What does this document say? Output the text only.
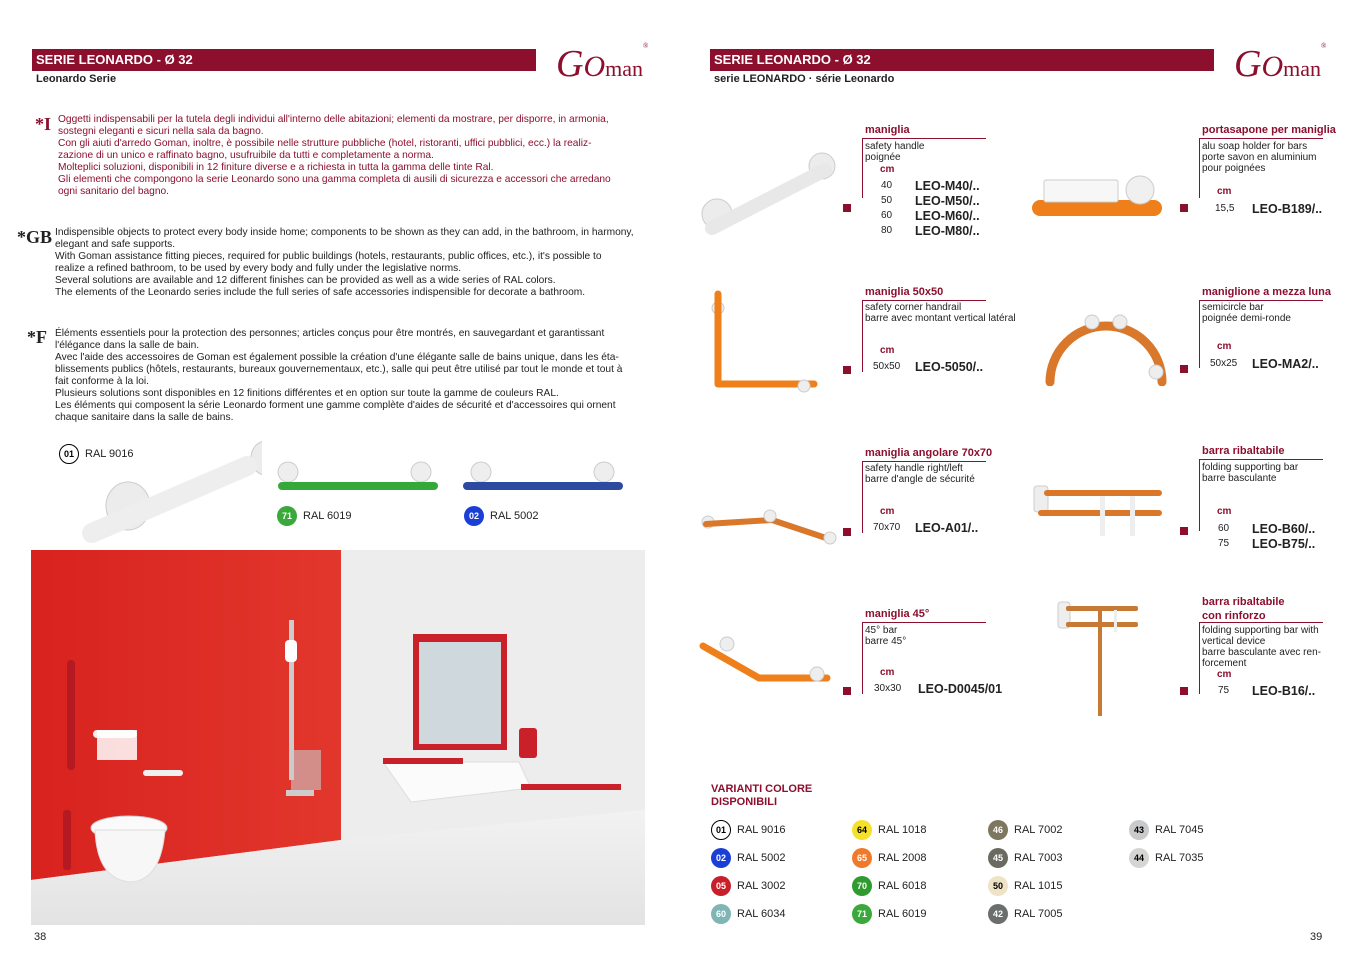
SERIE LEONARDO - Ø 32
Leonardo Serie	GOman®
*I Oggetti indispensabili per la tutela degli individui all'interno delle abitazioni; elementi da mostrare, per disporre, in armonia,

sostegni eleganti e sicuri nella sala da bagno.

Con gli aiuti d'arredo Goman, inoltre, è possibile nelle strutture pubbliche (hotel, ristoranti, uffici pubblici, ecc.) la realiz-

zazione di un unico e raffinato bagno, usufruibile da tutti e completamente a norma.

Molteplici soluzioni, disponibili in 12 finiture diverse e a richiesta in tutta la gamma delle tinte Ral.

Gli elementi che compongono la serie Leonardo sono una gamma completa di ausili di sicurezza e accessori che arredano

ogni sanitario del bagno.

*GB Indispensible objects to protect every body inside home; components to be shown as they can add, in the bathroom, in harmony,

elegant and safe supports.

With Goman assistance fitting pieces, required for public buildings (hotels, restaurants, public offices, etc.), it's possible to

realize a refined bathroom, to be used by every body and fully under the legislative norms.

Several solutions are available and 12 different finishes can be provided as well as a wide series of RAL colors.

The elements of the Leonardo series include the full series of safe accessories indispensible for decorate a bathroom.

*F Éléments essentiels pour la protection des personnes; articles conçus pour être montrés, en sauvegardant et garantissant

l'élégance dans la salle de bain.

Avec l'aide des accessoires de Goman est également possible la création d'une élégante salle de bains unique, dans les éta-

blissements publics (hôtels, restaurants, bureaux gouvernementaux, etc.), salle qui peut être utilisé par tout le monde et tout à

fait conforme à la loi.

Plusieurs solutions sont disponibles en 12 finitions différentes et en option sur toute la gamme de couleurs RAL.

Les éléments qui composent la série Leonardo forment une gamme complète d'aides de sécurité et d'accessoires qui ornent

chaque sanitaire dans la salle de bains.

01	RAL 9016
71	RAL 6019	02	RAL 5002
38
SERIE LEONARDO - Ø 32
serie LEONARDO · série Leonardo	GOman®
maniglia
safety handle
poignée
cm
40 LEO-M40/..
50 LEO-M50/..
60 LEO-M60/..
80 LEO-M80/..
portasapone per maniglia
alu soap holder for bars
porte savon en aluminium
pour poignées
cm
15,5 LEO-B189/..
maniglia 50x50
safety corner handrail
barre avec montant vertical latéral
cm
50x50 LEO-5050/..
maniglione a mezza luna
semicircle bar
poignée demi-ronde
cm
50x25 LEO-MA2/..
maniglia angolare 70x70
safety handle right/left
barre d'angle de sécurité
cm
70x70 LEO-A01/..
barra ribaltabile
folding supporting bar
barre basculante
cm
60 LEO-B60/..
75 LEO-B75/..
maniglia 45°
45° bar
barre 45°
cm
30x30 LEO-D0045/01
barra ribaltabile
con rinforzo
folding supporting bar with
vertical device
barre basculante avec ren-
forcement
cm
75 LEO-B16/..
VARIANTI COLORE
DISPONIBILI
01	RAL 9016
02	RAL 5002
05	RAL 3002
60	RAL 6034
64	RAL 1018
65	RAL 2008
70	RAL 6018
71	RAL 6019
46	RAL 7002
45	RAL 7003
50	RAL 1015
42	RAL 7005
43	RAL 7045
44	RAL 7035
39
